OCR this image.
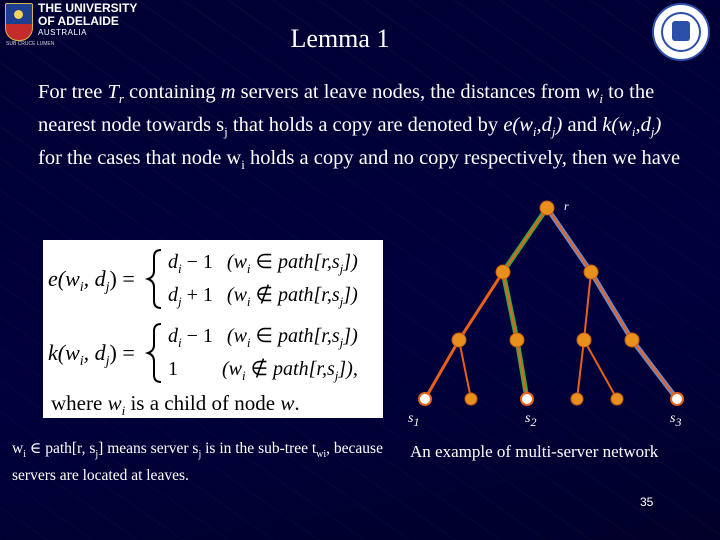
THE UNIVERSITY
OF ADELAIDE
AUSTRALIA
SUB CRUCE LUMEN	Lemma 1
For tree $T_r$ containing m servers at leave nodes, the distances from $w_i$ to the nearest node towards $s_j$ that holds a copy are denoted by $e(w_i,d_j)$ and $k(w_i,d_j)$ for the cases that node $w_i$ holds a copy and no copy respectively, then we have
$e(w_i$, $d_j$) =
$d_i - 1$ ($w_i$ ∈ $path[r,s_j]$)
$d_j + 1$ ($w_i$ ∉ $path[r,s_j]$)
$k(w_i$, $d_j$) =
$d_i - 1$ ($w_i$ ∈ $path[r,s_j]$)
1 ($w_i$ ∉ $path[r,s_j]$),
where $w_i$ is a child of node w.
r
s1	s2	s3
$w_i$ ∈ path[r, $s_j$] means server $s_j$ is in the sub-tree $t_{wi}$, because servers are located at leaves.
An example of multi-server network
35
